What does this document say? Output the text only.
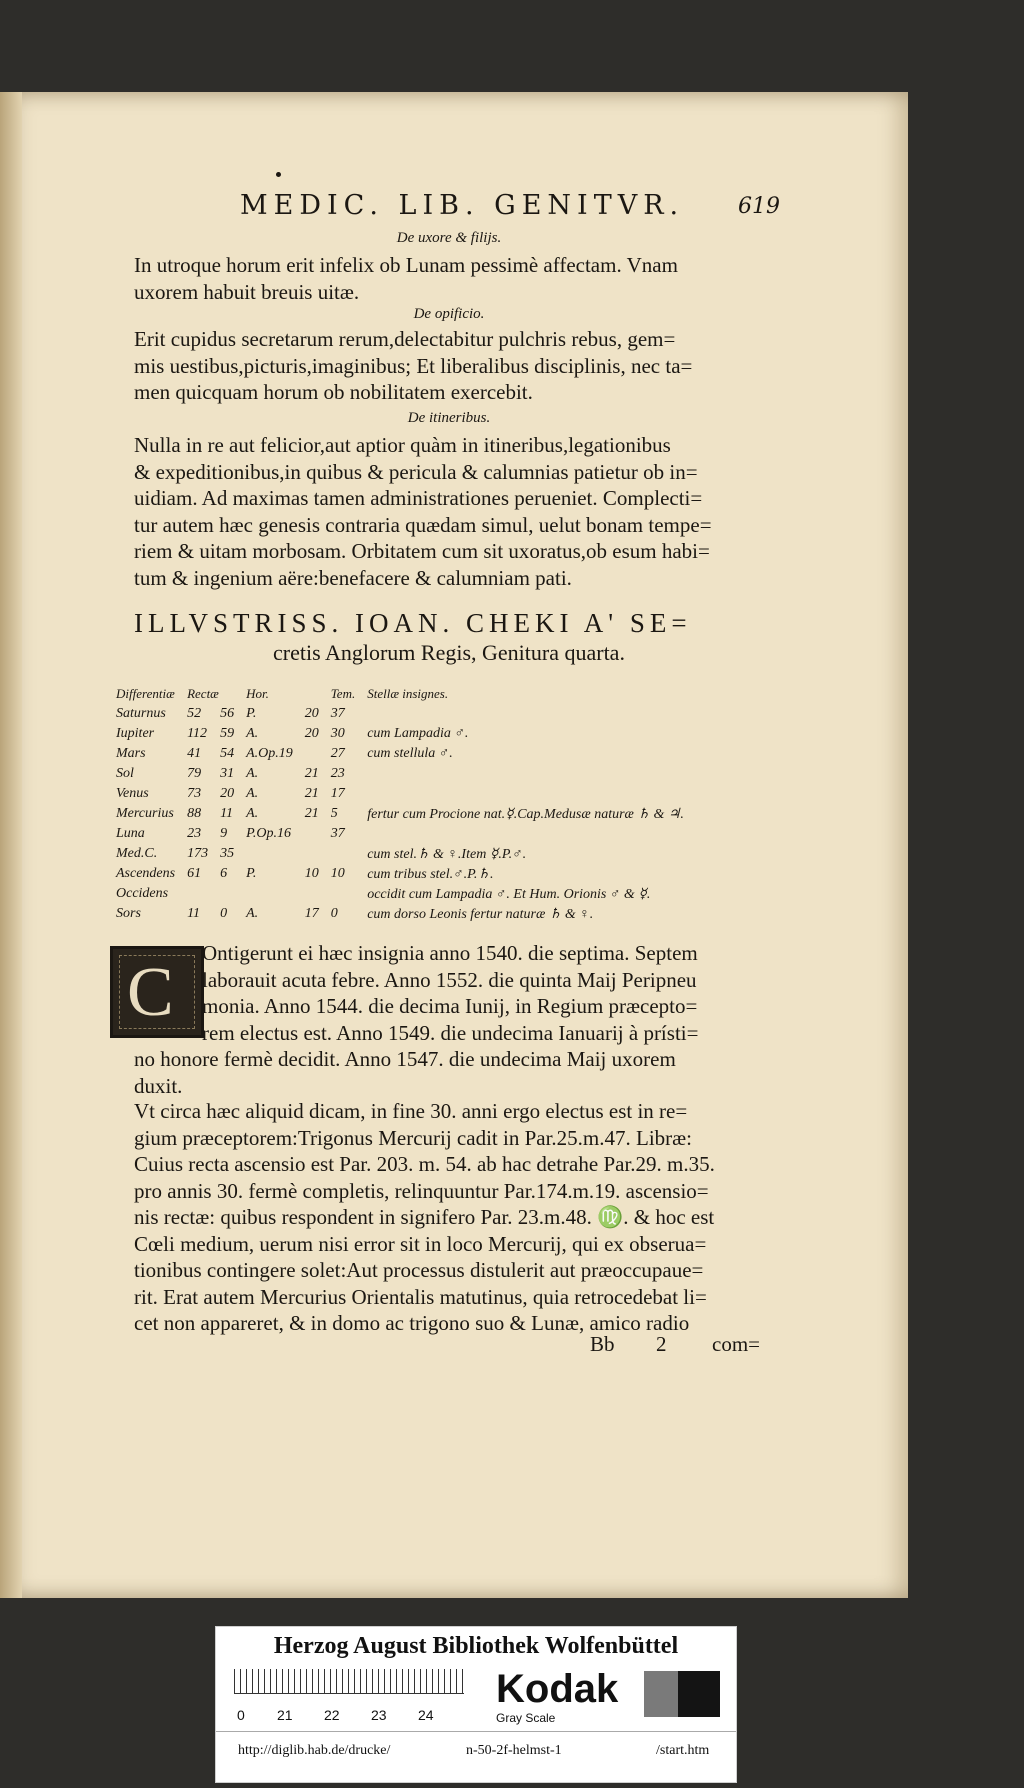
MEDIC. LIB. GENITVR. 619
De uxore & filijs.
In utroque horum erit infelix ob Lunam pessimè affectam. Vnam
uxorem habuit breuis uitæ.
De opificio.
Erit cupidus secretarum rerum,delectabitur pulchris rebus, gem=
mis uestibus,picturis,imaginibus; Et liberalibus disciplinis, nec ta=
men quicquam horum ob nobilitatem exercebit.
De itineribus.
Nulla in re aut felicior,aut aptior quàm in itineribus,legationibus
& expeditionibus,in quibus & pericula & calumnias patietur ob in=
uidiam. Ad maximas tamen administrationes perueniet. Complecti=
tur autem hæc genesis contraria quædam simul, uelut bonam tempe=
riem & uitam morbosam. Orbitatem cum sit uxoratus,ob esum habi=
tum & ingenium aëre:benefacere & calumniam pati.
ILLVSTRISS. IOAN. CHEKI A' SE=
cretis Anglorum Regis, Genitura quarta.
Differentiæ	Rectæ		Hor.		Tem.	Stellæ insignes.
Saturnus	52	56	P.	20	37	
Iupiter	112	59	A.	20	30	cum Lampadia ♂.
Mars	41	54	A.Op.19		27	cum stellula ♂.
Sol	79	31	A.	21	23	
Venus	73	20	A.	21	17	
Mercurius	88	11	A.	21	5	fertur cum Procione nat.☿.Cap.Medusæ naturæ ♄ & ♃.
Luna	23	9	P.Op.16		37	
Med.C.	173	35				cum stel.♄ & ♀.Item ☿.P.♂.
Ascendens	61	6	P.	10	10	cum tribus stel.♂.P.♄.
Occidens						occidit cum Lampadia ♂. Et Hum. Orionis ♂ & ☿.
Sors	11	0	A.	17	0	cum dorso Leonis fertur naturæ ♄ & ♀.
C
Ontigerunt ei hæc insignia anno 1540. die septima. Septem
laborauit acuta febre. Anno 1552. die quinta Maij Peripneu
monia. Anno 1544. die decima Iunij, in Regium præcepto=
rem electus est. Anno 1549. die undecima Ianuarij à prísti=
no honore fermè decidit. Anno 1547. die undecima Maij uxorem
duxit.
Vt circa hæc aliquid dicam, in fine 30. anni ergo electus est in re=
gium præceptorem:Trigonus Mercurij cadit in Par.25.m.47. Libræ:
Cuius recta ascensio est Par. 203. m. 54. ab hac detrahe Par.29. m.35.
pro annis 30. fermè completis, relinquuntur Par.174.m.19. ascensio=
nis rectæ: quibus respondent in signifero Par. 23.m.48. ♍. & hoc est
Cœli medium, uerum nisi error sit in loco Mercurij, qui ex obserua=
tionibus contingere solet:Aut processus distulerit aut præoccupaue=
rit. Erat autem Mercurius Orientalis matutinus, quia retrocedebat li=
cet non appareret, & in domo ac trigono suo & Lunæ, amico radio
Bb 2 com=
Herzog August Bibliothek Wolfenbüttel
0 21 22 23 24
Kodak
Gray Scale
http://diglib.hab.de/drucke/	n-50-2f-helmst-1	/start.htm
